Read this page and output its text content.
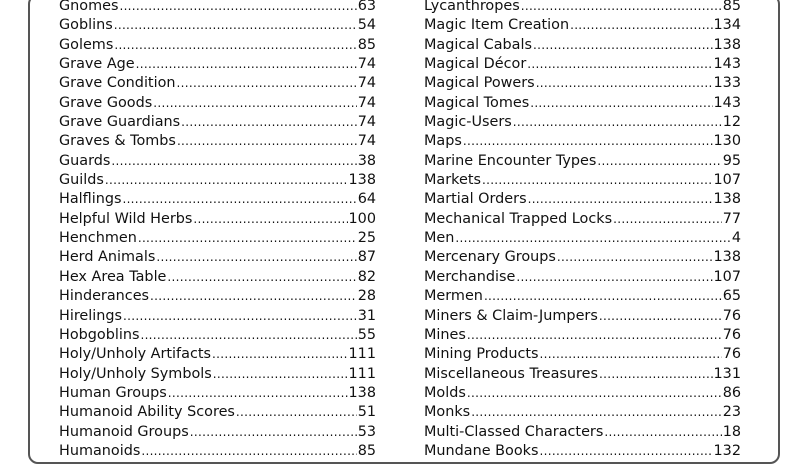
Gnomes .....	63
Goblins .....	54
Golems .....	85
Grave Age .....	74
Grave Condition .....	74
Grave Goods .....	74
Grave Guardians .....	74
Graves & Tombs .....	74
Guards .....	38
Guilds .....	138
Halflings .....	64
Helpful Wild Herbs .....	100
Henchmen .....	25
Herd Animals .....	87
Hex Area Table .....	82
Hinderances .....	28
Hirelings .....	31
Hobgoblins .....	55
Holy/Unholy Artifacts .....	111
Holy/Unholy Symbols .....	111
Human Groups .....	138
Humanoid Ability Scores .....	51
Humanoid Groups .....	53
Humanoids .....	85
Lycanthropes .....	85
Magic Item Creation .....	134
Magical Cabals .....	138
Magical Décor .....	143
Magical Powers .....	133
Magical Tomes .....	143
Magic-Users .....	12
Maps .....	130
Marine Encounter Types .....	95
Markets .....	107
Martial Orders .....	138
Mechanical Trapped Locks .....	77
Men .....	4
Mercenary Groups .....	138
Merchandise .....	107
Mermen .....	65
Miners & Claim-Jumpers .....	76
Mines .....	76
Mining Products .....	76
Miscellaneous Treasures .....	131
Molds .....	86
Monks .....	23
Multi-Classed Characters .....	18
Mundane Books .....	132
